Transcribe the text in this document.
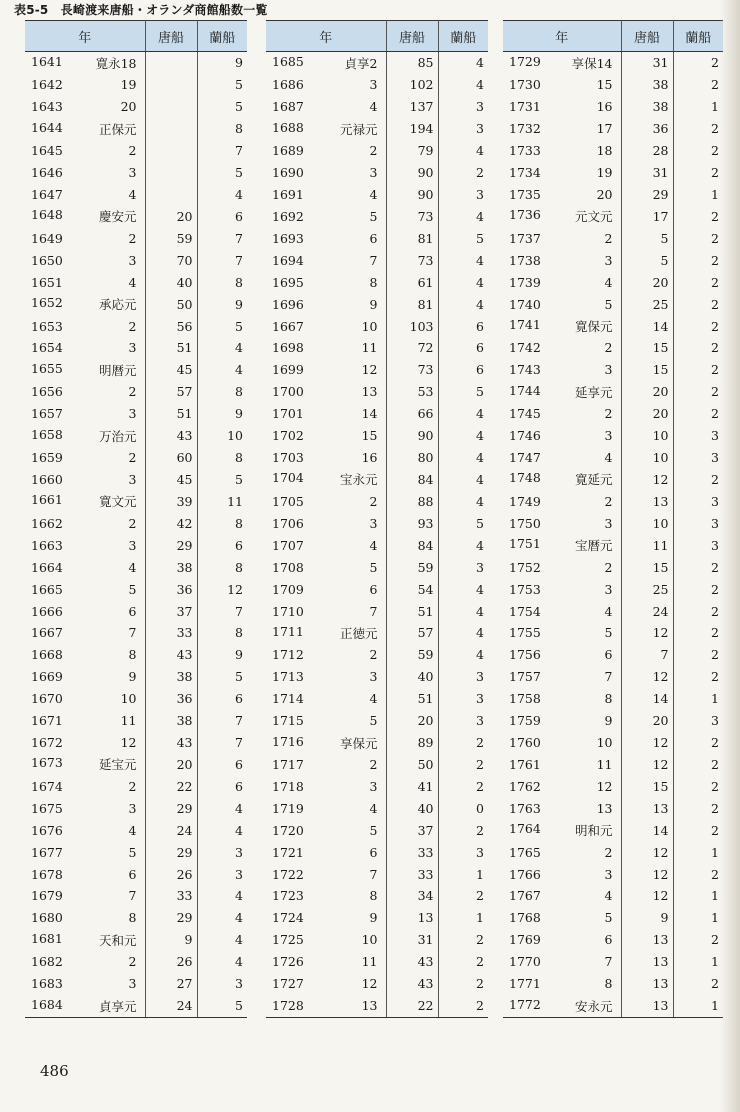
表5-5　長崎渡来唐船・オランダ商館船数一覧
年	唐船	蘭船

1641 寛永18		9

1642 19		5

1643 20		5

1644 正保元		8

1645 2		7

1646 3		5

1647 4		4

1648 慶安元	20	6

1649 2	59	7

1650 3	70	7

1651 4	40	8

1652 承応元	50	9

1653 2	56	5

1654 3	51	4

1655 明暦元	45	4

1656 2	57	8

1657 3	51	9

1658 万治元	43	10

1659 2	60	8

1660 3	45	5

1661 寛文元	39	11

1662 2	42	8

1663 3	29	6

1664 4	38	8

1665 5	36	12

1666 6	37	7

1667 7	33	8

1668 8	43	9

1669 9	38	5

1670 10	36	6

1671 11	38	7

1672 12	43	7

1673 延宝元	20	6

1674 2	22	6

1675 3	29	4

1676 4	24	4

1677 5	29	3

1678 6	26	3

1679 7	33	4

1680 8	29	4

1681 天和元	9	4

1682 2	26	4

1683 3	27	3

1684 貞享元	24	5
年	唐船	蘭船

1685 貞享2	85	4

1686 3	102	4

1687 4	137	3

1688 元禄元	194	3

1689 2	79	4

1690 3	90	2

1691 4	90	3

1692 5	73	4

1693 6	81	5

1694 7	73	4

1695 8	61	4

1696 9	81	4

1667 10	103	6

1698 11	72	6

1699 12	73	6

1700 13	53	5

1701 14	66	4

1702 15	90	4

1703 16	80	4

1704 宝永元	84	4

1705 2	88	4

1706 3	93	5

1707 4	84	4

1708 5	59	3

1709 6	54	4

1710 7	51	4

1711 正徳元	57	4

1712 2	59	4

1713 3	40	3

1714 4	51	3

1715 5	20	3

1716 享保元	89	2

1717 2	50	2

1718 3	41	2

1719 4	40	0

1720 5	37	2

1721 6	33	3

1722 7	33	1

1723 8	34	2

1724 9	13	1

1725 10	31	2

1726 11	43	2

1727 12	43	2

1728 13	22	2
年	唐船	蘭船

1729 享保14	31	2

1730 15	38	2

1731 16	38	1

1732 17	36	2

1733 18	28	2

1734 19	31	2

1735 20	29	1

1736 元文元	17	2

1737 2	5	2

1738 3	5	2

1739 4	20	2

1740 5	25	2

1741 寛保元	14	2

1742 2	15	2

1743 3	15	2

1744 延享元	20	2

1745 2	20	2

1746 3	10	3

1747 4	10	3

1748 寛延元	12	2

1749 2	13	3

1750 3	10	3

1751 宝暦元	11	3

1752 2	15	2

1753 3	25	2

1754 4	24	2

1755 5	12	2

1756 6	7	2

1757 7	12	2

1758 8	14	1

1759 9	20	3

1760 10	12	2

1761 11	12	2

1762 12	15	2

1763 13	13	2

1764 明和元	14	2

1765 2	12	1

1766 3	12	2

1767 4	12	1

1768 5	9	1

1769 6	13	2

1770 7	13	1

1771 8	13	2

1772 安永元	13	1
486
